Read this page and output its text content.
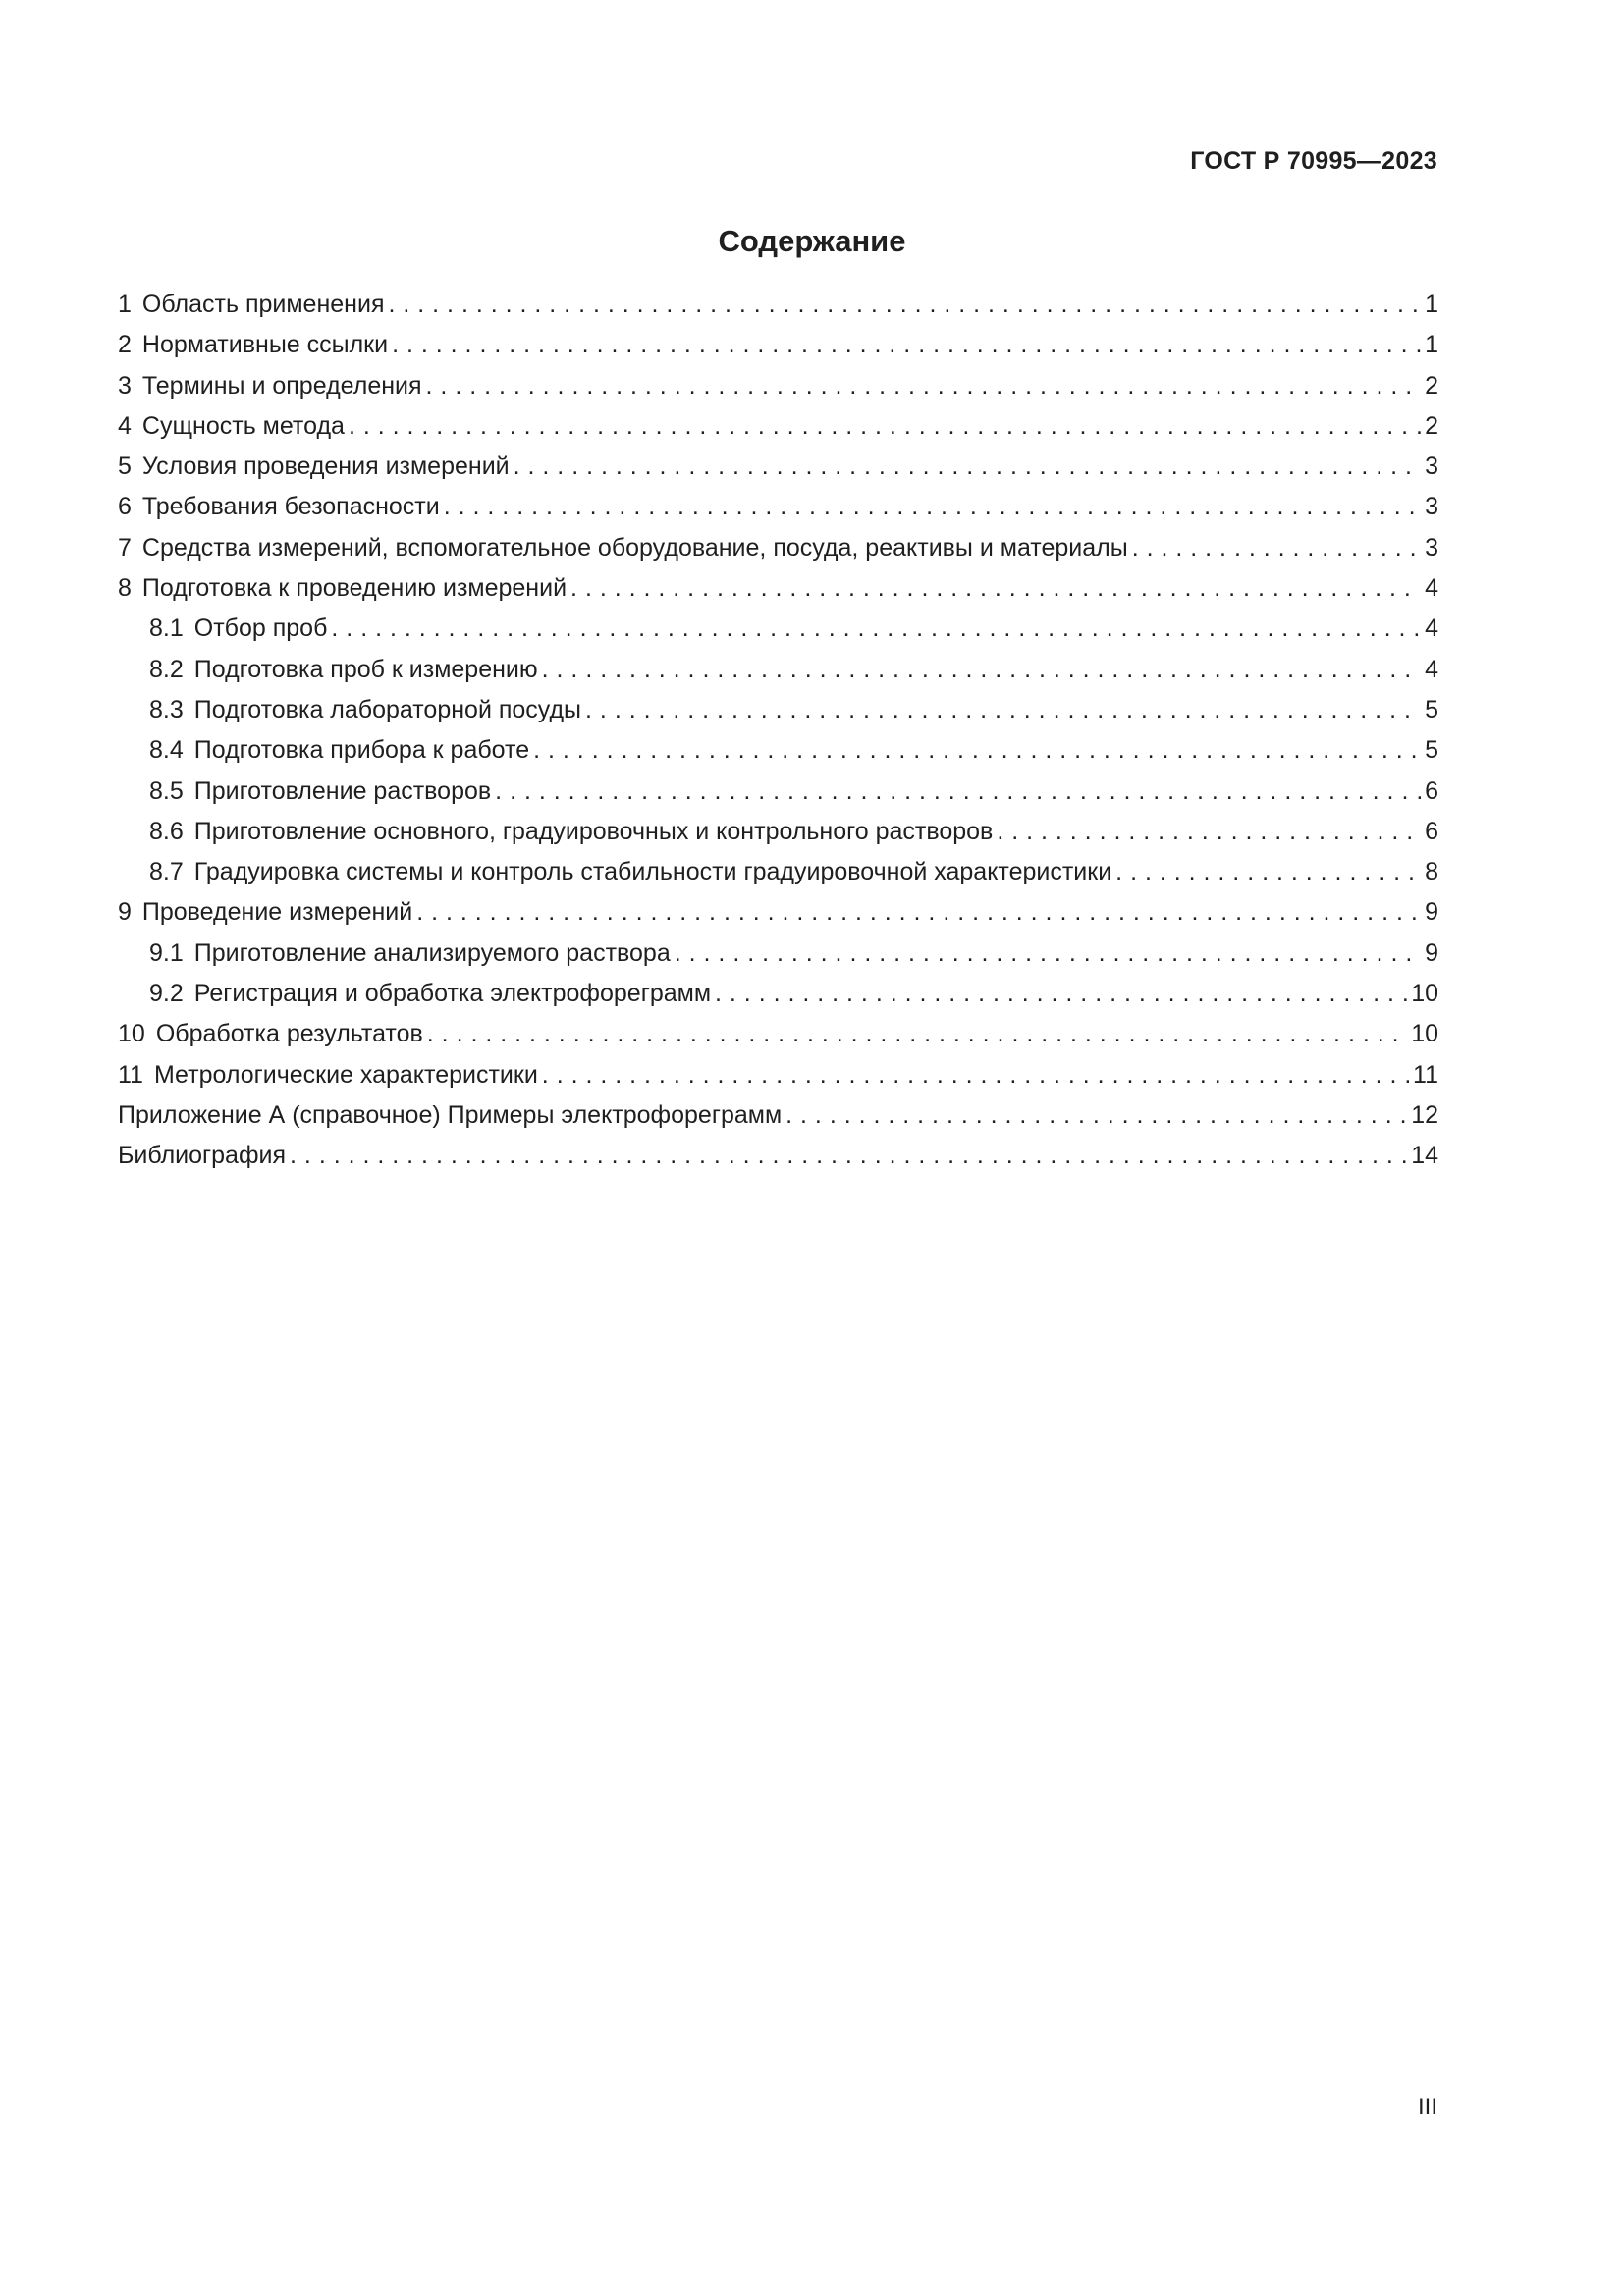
ГОСТ Р 70995—2023
Содержание
1 Область применения . . .	1
2 Нормативные ссылки . . .	1
3 Термины и определения . . .	2
4 Сущность метода . . .	2
5 Условия проведения измерений . . .	3
6 Требования безопасности . . .	3
7 Средства измерений, вспомогательное оборудование, посуда, реактивы и материалы . . .	3
8 Подготовка к проведению измерений . . .	4
8.1 Отбор проб . . .	4
8.2 Подготовка проб к измерению . . .	4
8.3 Подготовка лабораторной посуды . . .	5
8.4 Подготовка прибора к работе . . .	5
8.5 Приготовление растворов . . .	6
8.6 Приготовление основного, градуировочных и контрольного растворов . . .	6
8.7 Градуировка системы и контроль стабильности градуировочной характеристики . . .	8
9 Проведение измерений . . .	9
9.1 Приготовление анализируемого раствора . . .	9
9.2 Регистрация и обработка электрофореграмм . . .	10
10 Обработка результатов . . .	10
11 Метрологические характеристики . . .	11
Приложение А (справочное) Примеры электрофореграмм . . .	12
Библиография . . .	14
III
